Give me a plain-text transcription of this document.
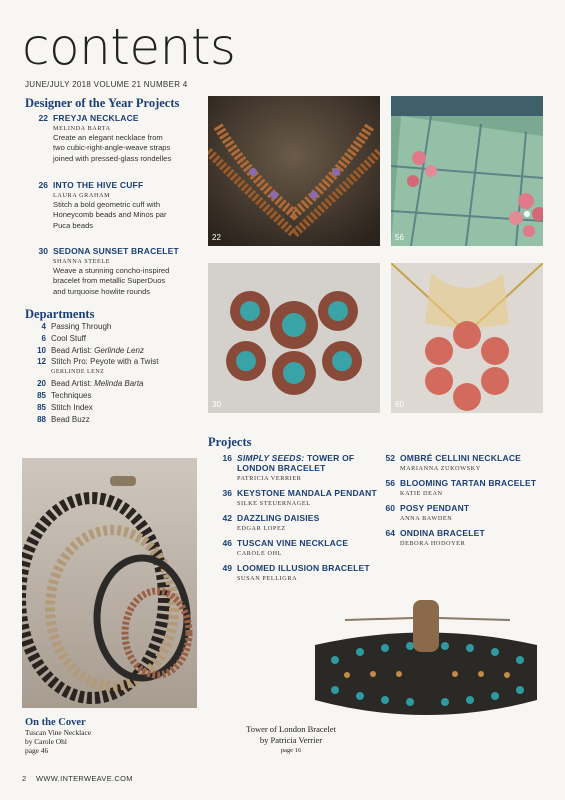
contents
JUNE/JULY 2018 VOLUME 21 NUMBER 4
Designer of the Year Projects
22 FREYJA NECKLACE
MELINDA BARTA
Create an elegant necklace from
two cubic-right-angle-weave straps
joined with pressed-glass rondelles
26 INTO THE HIVE CUFF
LAURA GRAHAM
Stitch a bold geometric cuff with
Honeycomb beads and Minos par
Puca beads
30 SEDONA SUNSET BRACELET
SHANNA STEELE
Weave a stunning concho-inspired
bracelet from metallic SuperDuos
and turquoise howlite rounds
Departments
4 Passing Through
6 Cool Stuff
10 Bead Artist: Gerlinde Lenz
12 Stitch Pro: Peyote with a Twist
GERLINDE LENZ
20 Bead Artist: Melinda Barta
85 Techniques
85 Stitch Index
88 Bead Buzz
22	56
30	60
Projects
16 SIMPLY SEEDS: TOWER OF LONDON BRACELET
PATRICIA VERRIER
36 KEYSTONE MANDALA PENDANT
SILKE STEUERNAGEL
42 DAZZLING DAISIES
EDGAR LOPEZ
46 TUSCAN VINE NECKLACE
CAROLE OHL
49 LOOMED ILLUSION BRACELET
SUSAN PELLIGRA
52 OMBRÉ CELLINI NECKLACE
MARIANNA ZUKOWSKY
56 BLOOMING TARTAN BRACELET
KATIE DEAN
60 POSY PENDANT
ANNA BAWDEN
64 ONDINA BRACELET
DEBORA HODOYER
On the Cover
Tuscan Vine Necklace
by Carole Ohl
page 46
Tower of London Bracelet
by Patricia Verrier
page 16
2 WWW.INTERWEAVE.COM
